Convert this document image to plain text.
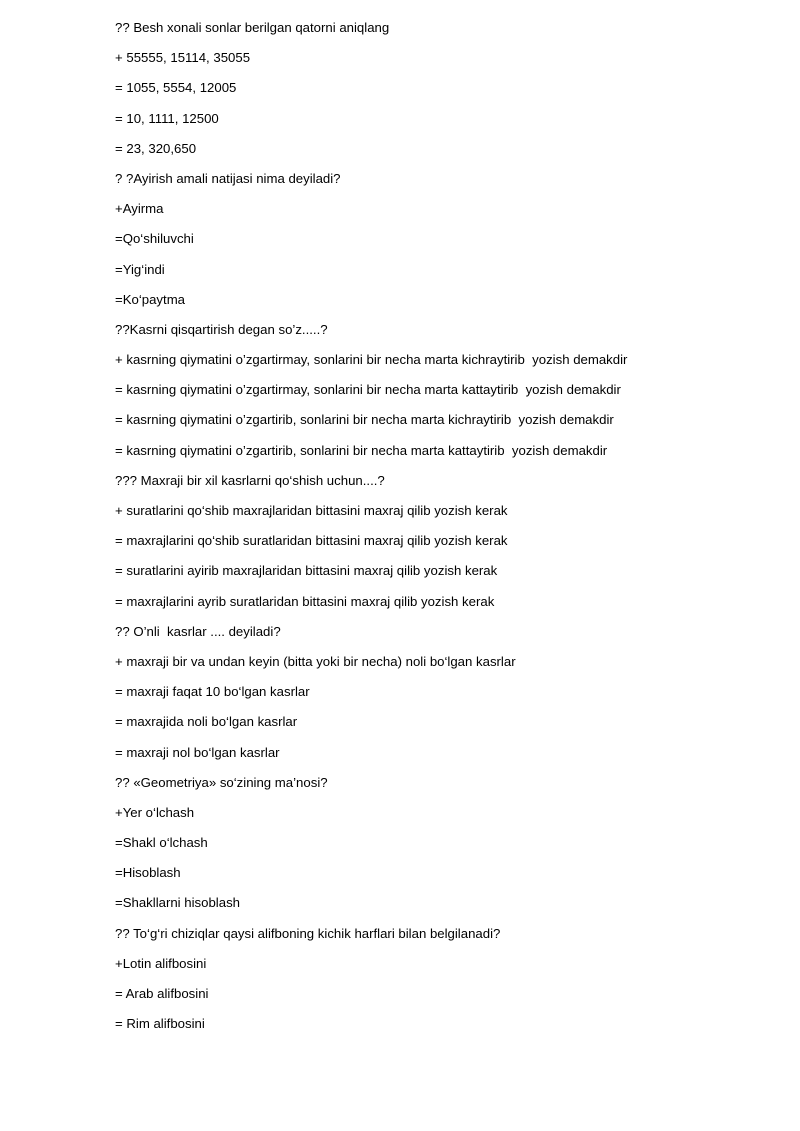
?? Besh xonali sonlar berilgan qatorni aniqlang
+ 55555, 15114, 35055
= 1055, 5554, 12005
= 10, 1111, 12500
= 23, 320,650
? ?Ayirish amali natijasi nima deyiladi?
+Ayirma
=Qo‘shiluvchi
=Yig‘indi
=Ko‘paytma
??Kasrni qisqartirish degan so’z.....?
+ kasrning qiymatini o’zgartirmay, sonlarini bir necha marta kichraytirib  yozish demakdir
= kasrning qiymatini o’zgartirmay, sonlarini bir necha marta kattaytirib  yozish demakdir
= kasrning qiymatini o’zgartirib, sonlarini bir necha marta kichraytirib  yozish demakdir
= kasrning qiymatini o’zgartirib, sonlarini bir necha marta kattaytirib  yozish demakdir
??? Maxraji bir xil kasrlarni qo‘shish uchun....?
+ suratlarini qo‘shib maxrajlaridan bittasini maxraj qilib yozish kerak
= maxrajlarini qo‘shib suratlaridan bittasini maxraj qilib yozish kerak
= suratlarini ayirib maxrajlaridan bittasini maxraj qilib yozish kerak
= maxrajlarini ayrib suratlaridan bittasini maxraj qilib yozish kerak
?? O’nli  kasrlar .... deyiladi?
+ maxraji bir va undan keyin (bitta yoki bir necha) noli bo‘lgan kasrlar
= maxraji faqat 10 bo‘lgan kasrlar
= maxrajida noli bo‘lgan kasrlar
= maxraji nol bo‘lgan kasrlar
?? «Geometriya» so‘zining ma’nosi?
+Yer o‘lchash
=Shakl o‘lchash
=Hisoblash
=Shakllarni hisoblash
?? To‘g‘ri chiziqlar qaysi alifboning kichik harflari bilan belgilanadi?
+Lotin alifbosini
= Arab alifbosini
= Rim alifbosini
